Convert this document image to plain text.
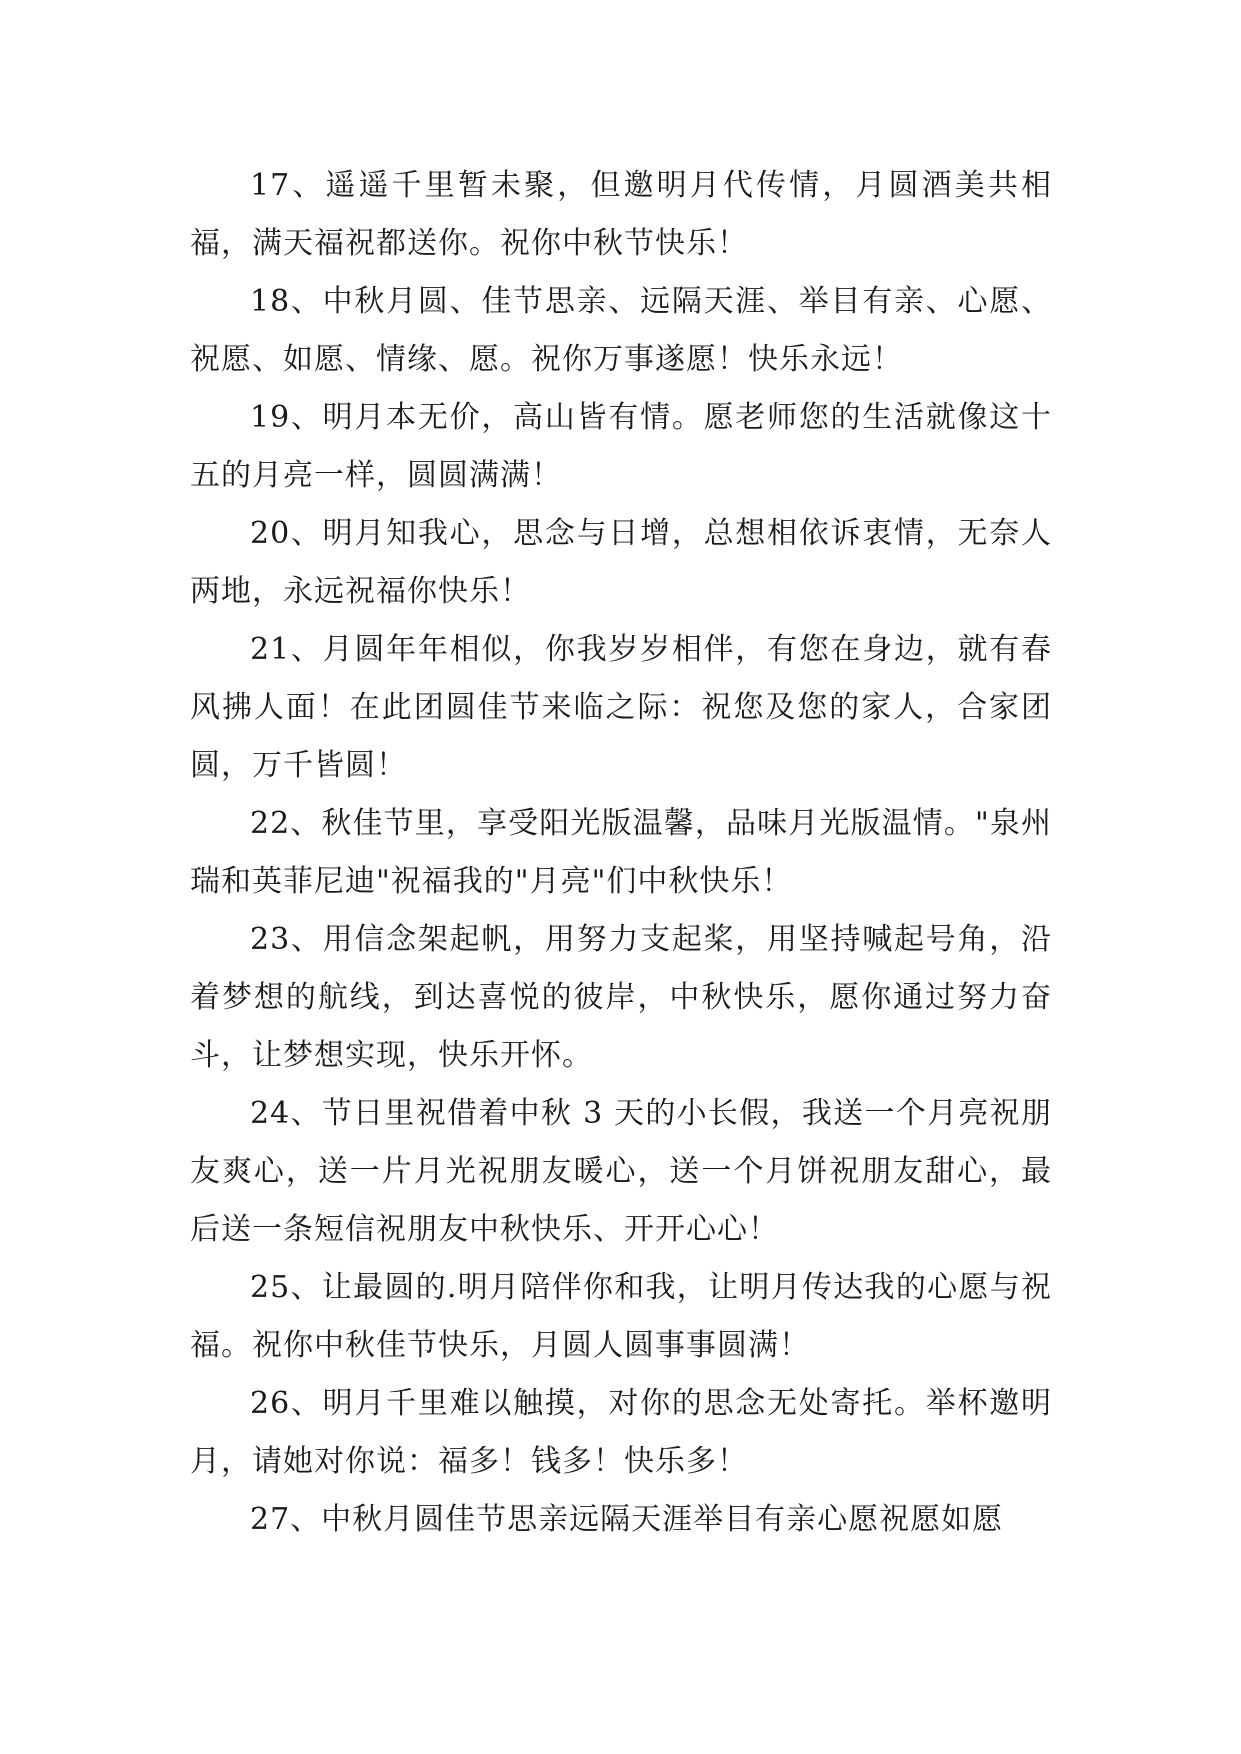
17、遥遥千里暂未聚，但邀明月代传情，月圆酒美共相福，满天福祝都送你。祝你中秋节快乐！

18、中秋月圆、佳节思亲、远隔天涯、举目有亲、心愿、祝愿、如愿、情缘、愿。祝你万事遂愿！快乐永远！

19、明月本无价，高山皆有情。愿老师您的生活就像这十五的月亮一样，圆圆满满！

20、明月知我心，思念与日增，总想相依诉衷情，无奈人两地，永远祝福你快乐！

21、月圆年年相似，你我岁岁相伴，有您在身边，就有春风拂人面！在此团圆佳节来临之际：祝您及您的家人，合家团圆，万千皆圆！

22、秋佳节里，享受阳光版温馨，品味月光版温情。"泉州瑞和英菲尼迪"祝福我的"月亮"们中秋快乐！

23、用信念架起帆，用努力支起桨，用坚持喊起号角，沿着梦想的航线，到达喜悦的彼岸，中秋快乐，愿你通过努力奋斗，让梦想实现，快乐开怀。

24、节日里祝借着中秋 3 天的小长假，我送一个月亮祝朋友爽心，送一片月光祝朋友暖心，送一个月饼祝朋友甜心，最后送一条短信祝朋友中秋快乐、开开心心！

25、让最圆的.明月陪伴你和我，让明月传达我的心愿与祝福。祝你中秋佳节快乐，月圆人圆事事圆满！

26、明月千里难以触摸，对你的思念无处寄托。举杯邀明月，请她对你说：福多！钱多！快乐多！

27、中秋月圆佳节思亲远隔天涯举目有亲心愿祝愿如愿
